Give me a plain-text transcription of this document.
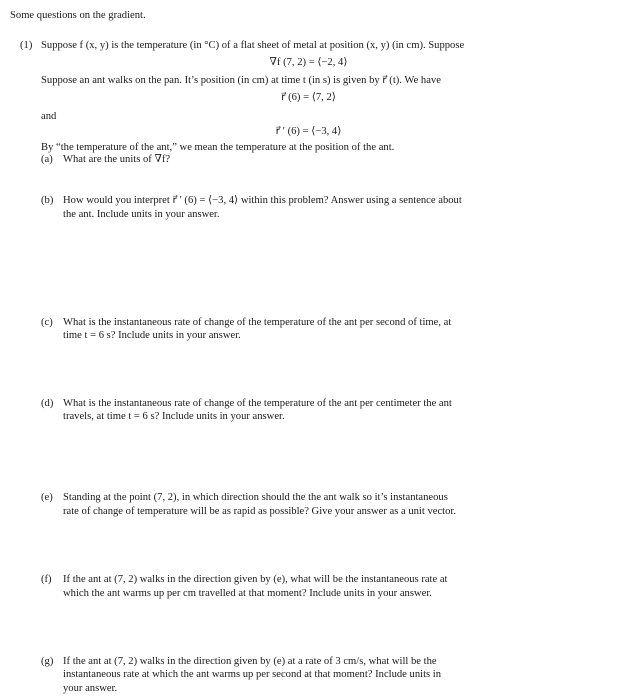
Some questions on the gradient.
(1) Suppose f (x, y) is the temperature (in °C) of a flat sheet of metal at position (x, y) (in cm). Suppose
∇f (7, 2) = ⟨−2, 4⟩
Suppose an ant walks on the pan. It’s position (in cm) at time t (in s) is given by r⃗ (t). We have
r⃗ (6) = ⟨7, 2⟩
and
r⃗ ′ (6) = ⟨−3, 4⟩
By “the temperature of the ant,” we mean the temperature at the position of the ant.
(a) What are the units of ∇f?
(b) How would you interpret r⃗ ′ (6) = ⟨−3, 4⟩ within this problem? Answer using a sentence about
the ant. Include units in your answer.
(c) What is the instantaneous rate of change of the temperature of the ant per second of time, at
time t = 6 s? Include units in your answer.
(d) What is the instantaneous rate of change of the temperature of the ant per centimeter the ant
travels, at time t = 6 s? Include units in your answer.
(e) Standing at the point (7, 2), in which direction should the the ant walk so it’s instantaneous
rate of change of temperature will be as rapid as possible? Give your answer as a unit vector.
(f) If the ant at (7, 2) walks in the direction given by (e), what will be the instantaneous rate at
which the ant warms up per cm travelled at that moment? Include units in your answer.
(g) If the ant at (7, 2) walks in the direction given by (e) at a rate of 3 cm/s, what will be the
instantaneous rate at which the ant warms up per second at that moment? Include units in
your answer.
